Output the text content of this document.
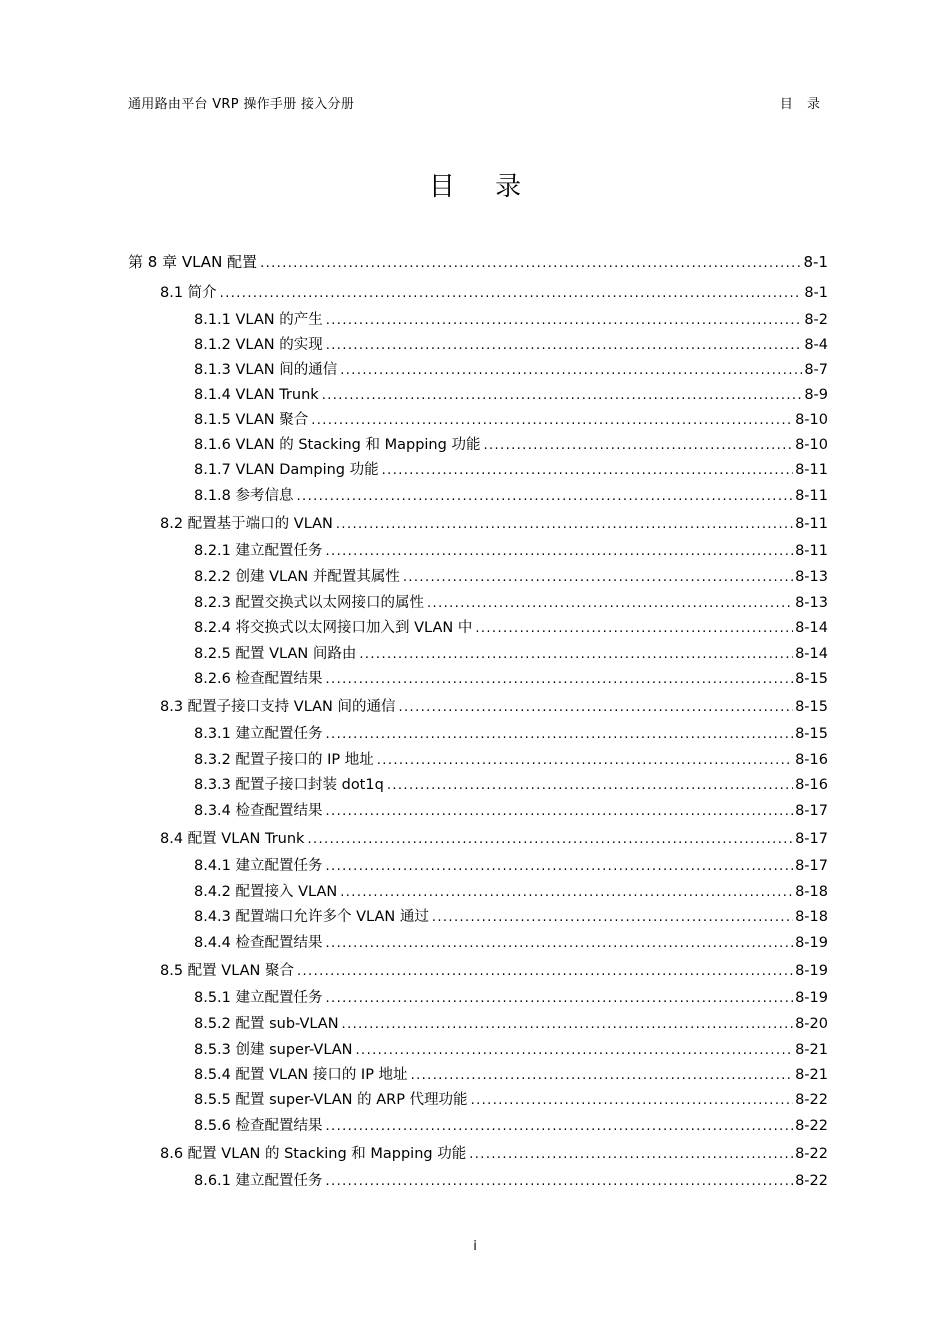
通用路由平台 VRP 操作手册 接入分册	目 录
目 录
第 8 章 VLAN 配置 .....	8-1
8.1 简介 .....	8-1
8.1.1 VLAN 的产生 .....	8-2
8.1.2 VLAN 的实现 .....	8-4
8.1.3 VLAN 间的通信 .....	8-7
8.1.4 VLAN Trunk .....	8-9
8.1.5 VLAN 聚合 .....	8-10
8.1.6 VLAN 的 Stacking 和 Mapping 功能 .....	8-10
8.1.7 VLAN Damping 功能 .....	8-11
8.1.8 参考信息 .....	8-11
8.2 配置基于端口的 VLAN .....	8-11
8.2.1 建立配置任务 .....	8-11
8.2.2 创建 VLAN 并配置其属性 .....	8-13
8.2.3 配置交换式以太网接口的属性 .....	8-13
8.2.4 将交换式以太网接口加入到 VLAN 中 .....	8-14
8.2.5 配置 VLAN 间路由 .....	8-14
8.2.6 检查配置结果 .....	8-15
8.3 配置子接口支持 VLAN 间的通信 .....	8-15
8.3.1 建立配置任务 .....	8-15
8.3.2 配置子接口的 IP 地址 .....	8-16
8.3.3 配置子接口封装 dot1q .....	8-16
8.3.4 检查配置结果 .....	8-17
8.4 配置 VLAN Trunk .....	8-17
8.4.1 建立配置任务 .....	8-17
8.4.2 配置接入 VLAN .....	8-18
8.4.3 配置端口允许多个 VLAN 通过 .....	8-18
8.4.4 检查配置结果 .....	8-19
8.5 配置 VLAN 聚合 .....	8-19
8.5.1 建立配置任务 .....	8-19
8.5.2 配置 sub-VLAN .....	8-20
8.5.3 创建 super-VLAN .....	8-21
8.5.4 配置 VLAN 接口的 IP 地址 .....	8-21
8.5.5 配置 super-VLAN 的 ARP 代理功能 .....	8-22
8.5.6 检查配置结果 .....	8-22
8.6 配置 VLAN 的 Stacking 和 Mapping 功能 .....	8-22
8.6.1 建立配置任务 .....	8-22
i
